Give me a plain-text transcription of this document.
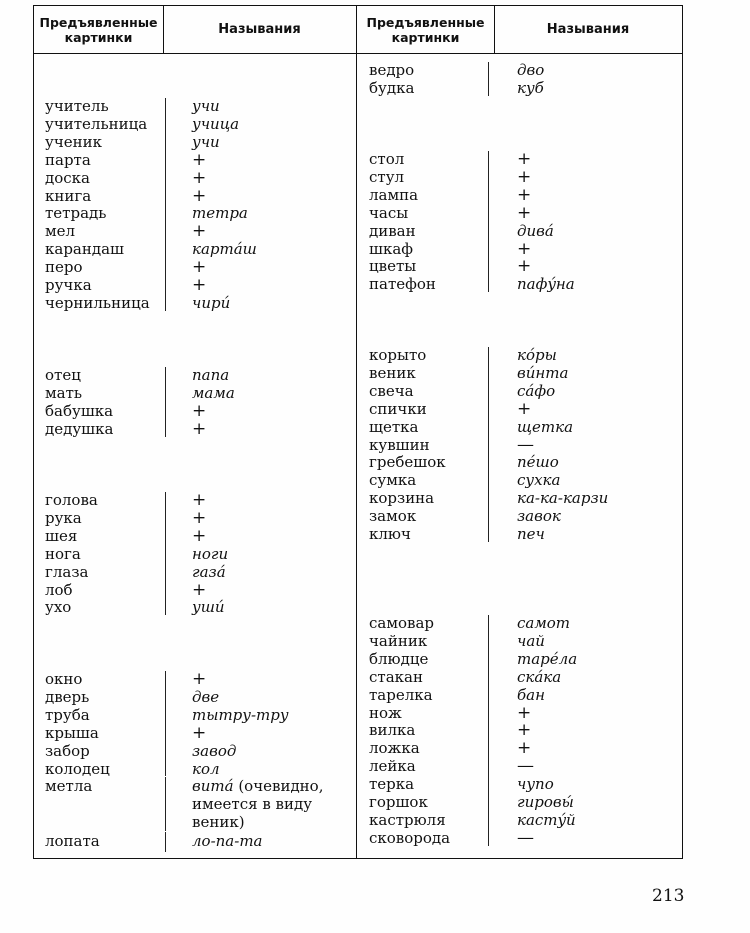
Предъявленные картинки	Называния	Предъявленные картинки	Называния
учитель	учи
учительница	учица
ученик	учи
парта	+
доска	+
книга	+
тетрадь	тетра
мел	+
карандаш	картáш
перо	+
ручка	+
чернильница	чирú
отец	папа
мать	мама
бабушка	+
дедушка	+
голова	+
рука	+
шея	+
нога	ноги
глаза	газá
лоб	+
ухо	ушú
окно	+
дверь	две
труба	тытру-тру
крыша	+
забор	завод
колодец	кол
метла	витá (очевидно,
имеется в виду
веник)
лопата	ло-па-та
ведро	дво
будка	куб
стол	+
стул	+
лампа	+
часы	+
диван	дивá
шкаф	+
цветы	+
патефон	пафýна
корыто	кóры
веник	вúнта
свеча	сáфо
спички	+
щетка	щетка
кувшин	—
гребешок	пéшо
сумка	сухка
корзина	ка-ка-карзи
замок	завок
ключ	печ
самовар	самот
чайник	чай
блюдце	тарéла
стакан	скáка
тарелка	бан
нож	+
вилка	+
ложка	+
лейка	—
терка	чупо
горшок	гировы́
кастрюля	кастýй
сковорода	—
213
